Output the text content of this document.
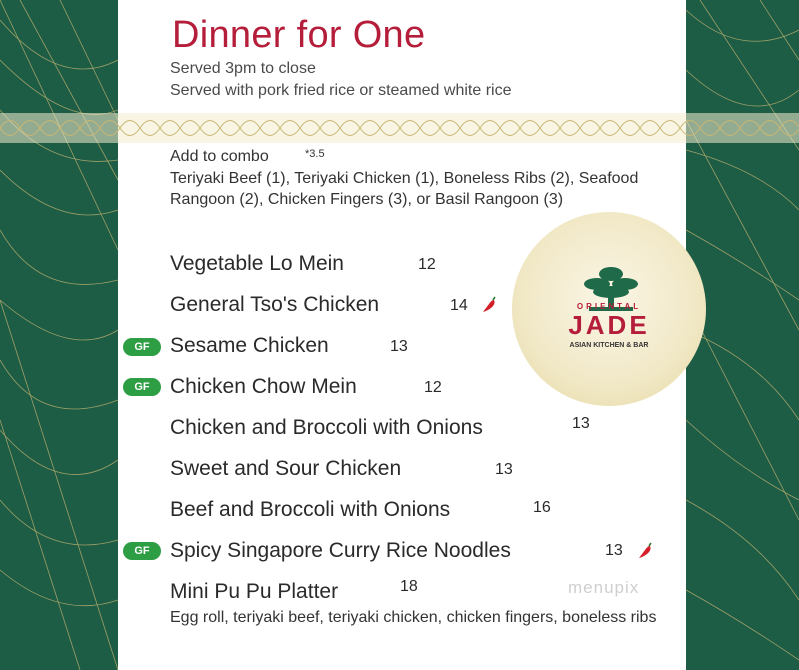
Dinner for One
Served 3pm to close
Served with pork fried rice or steamed white rice
Add to combo	*3.5
Teriyaki Beef (1), Teriyaki Chicken (1), Boneless Ribs (2), Seafood Rangoon (2), Chicken Fingers (3), or Basil Rangoon (3)
Vegetable Lo Mein	12
General Tso's Chicken	14
GF Sesame Chicken	13
GF Chicken Chow Mein	12
Chicken and Broccoli with Onions	13
Sweet and Sour Chicken	13
Beef and Broccoli with Onions	16
GF Spicy Singapore Curry Rice Noodles	13
Mini Pu Pu Platter	18
Egg roll, teriyaki beef, teriyaki chicken, chicken fingers, boneless ribs
ORIENTAL
JADE
ASIAN KITCHEN & BAR
menupix
